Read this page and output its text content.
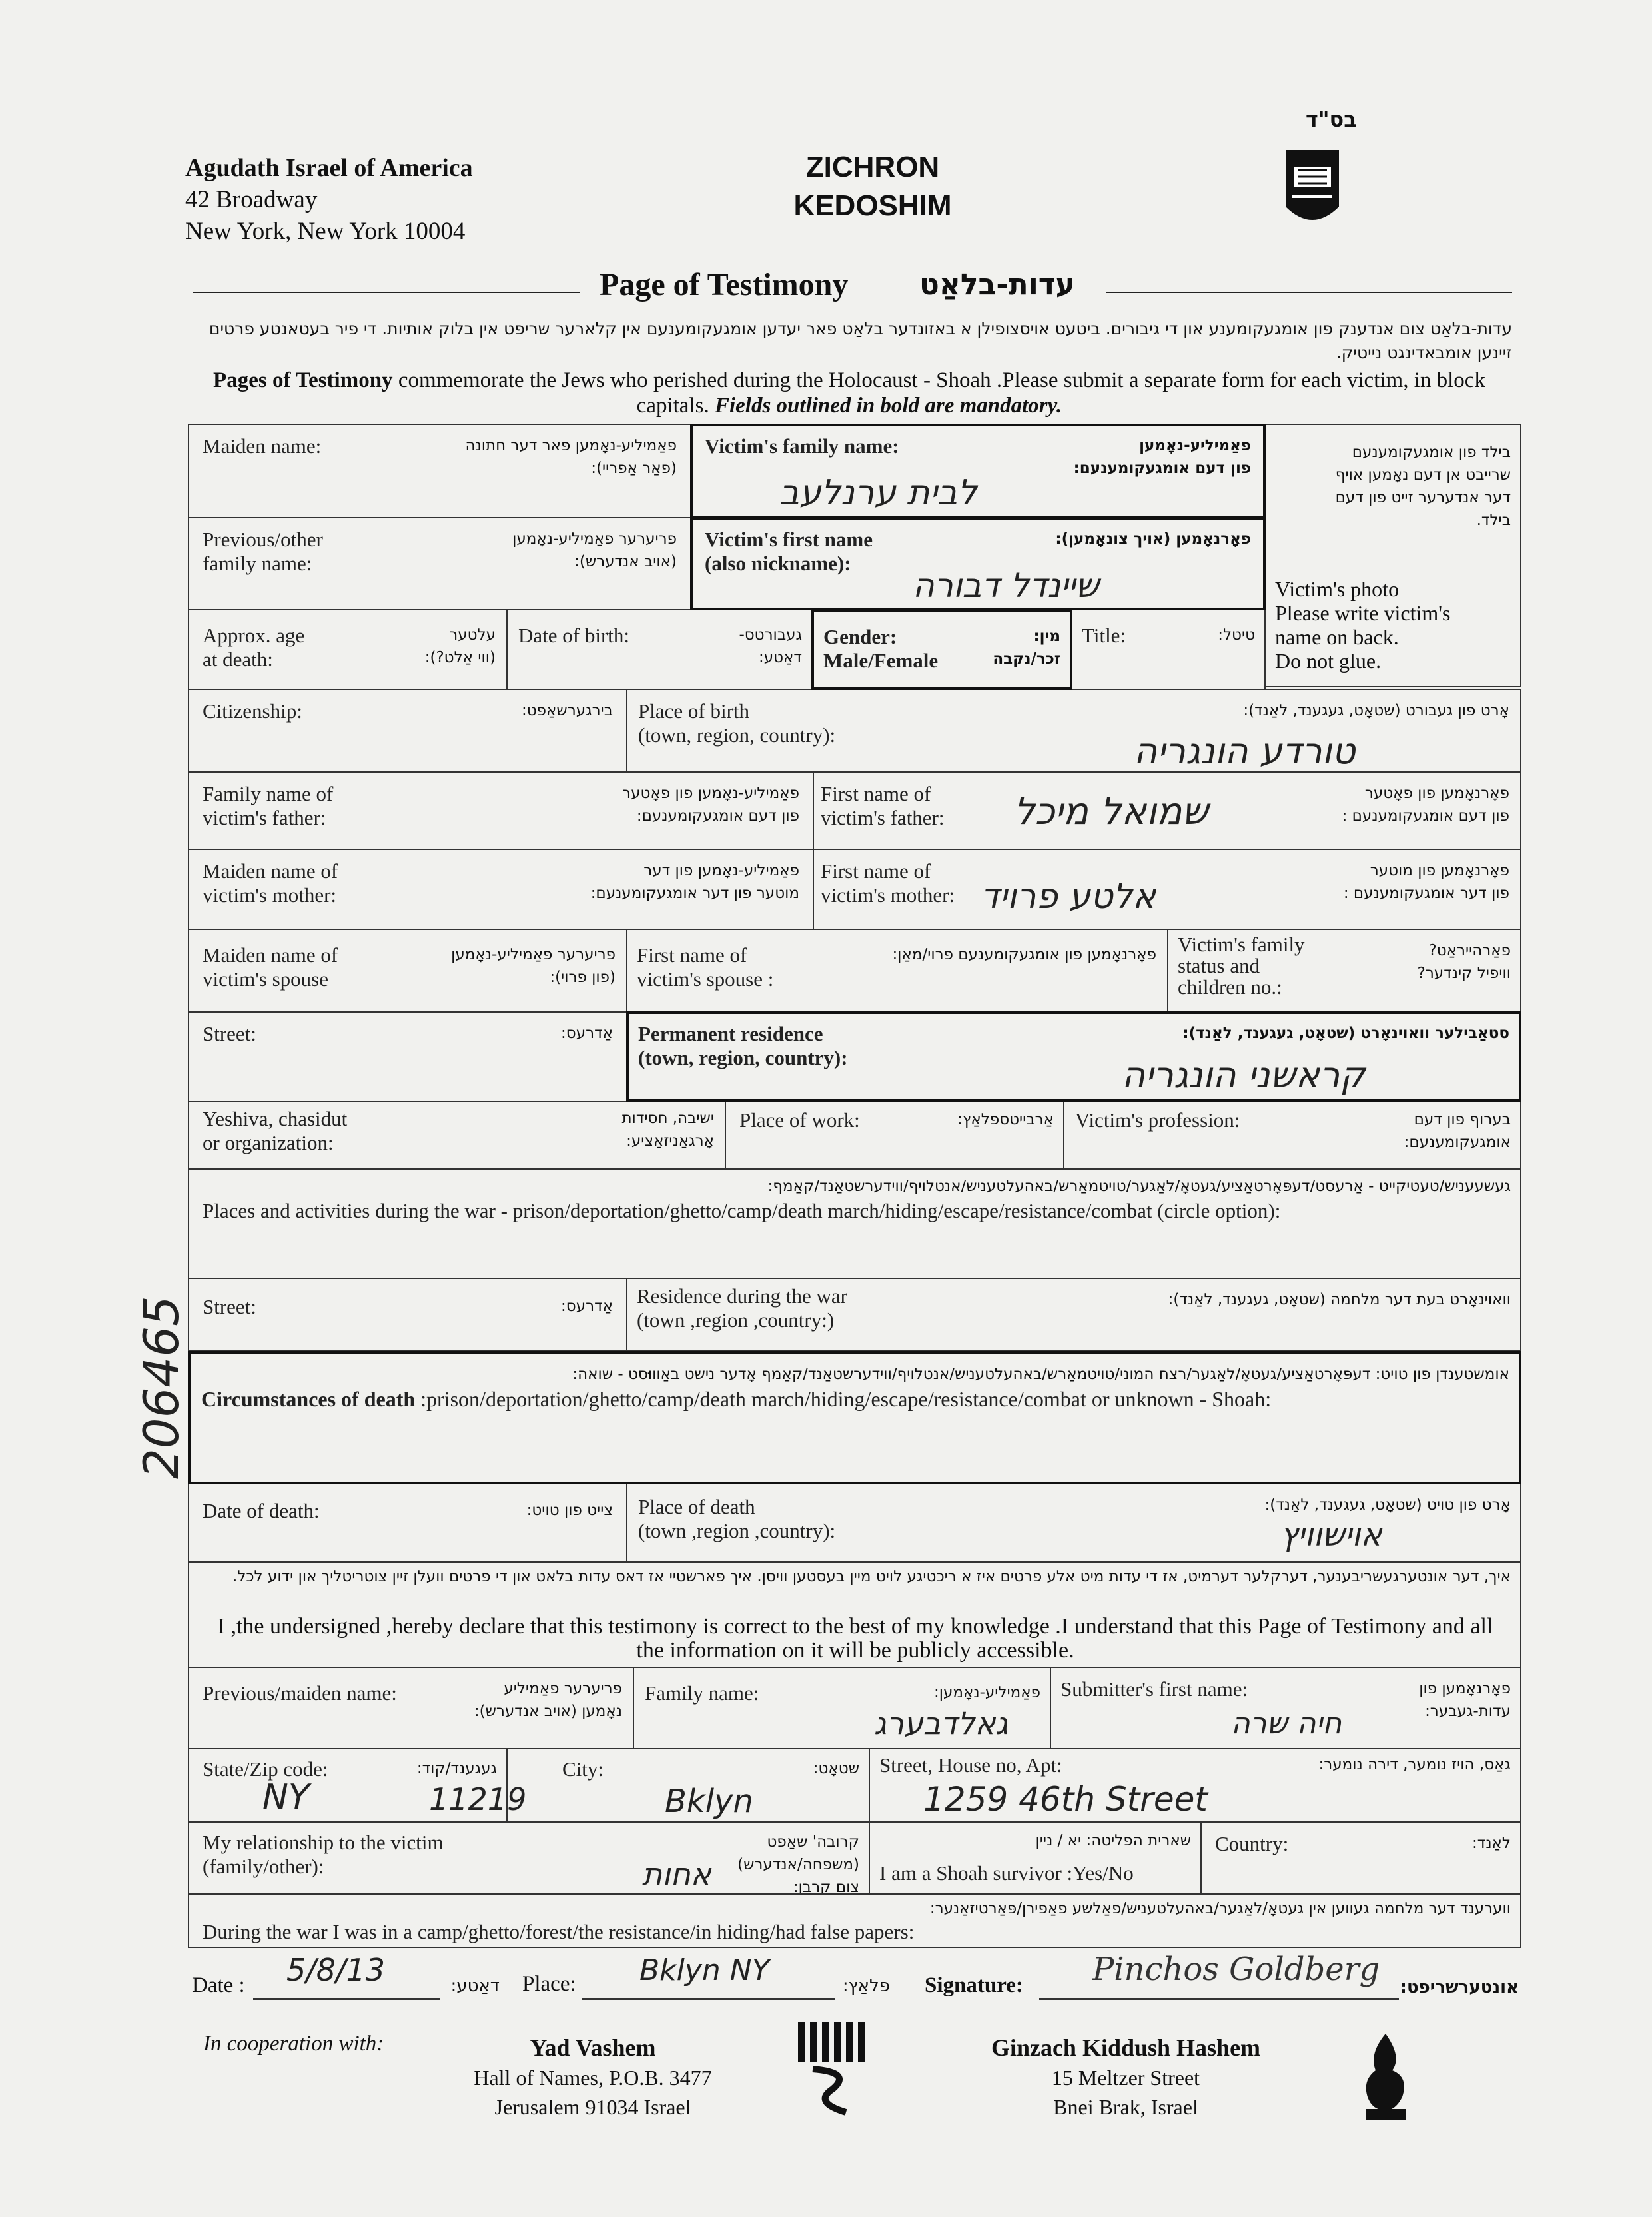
Agudath Israel of America
42 Broadway
New York, New York 10004
ZICHRON
KEDOSHIM
בס"ד
Page of Testimony עדות-בלאַט
עדות-בלאַט צום אנדענק פון אומגעקומענע און די גיבורים. ביטעט אויסצופילן א באזונדער בלאַט פאר יעדען אומגעקומענעם אין קלארער שריפט אין בלוק אותיות. די פיר בעטאנטע פרטים זיינען אומבאדינגט נייטיק.
Pages of Testimony commemorate the Jews who perished during the Holocaust - Shoah .Please submit a separate form for each victim, in block capitals. Fields outlined in bold are mandatory.
Maiden name:	פאַמיליע-נאָמען פאר דער חתונה
(פאַר אַפריי):
Victim's family name:	פאַמיליע-נאָמען
פון דעם אומגעקומענעם:
לבית ערנלעב
בילד פון אומגעקומענעם
שרייבט אן דעם נאָמען אויף
דער אנדערער זייט פון דעם
בילד.
Victim's photo
Please write victim's
name on back.
Do not glue.
Previous/other
family name:
פריערער פאַמיליע-נאָמען
(אויב אנדערש):
Victim's first name
(also nickname):
פאָרנאָמען (אויך צונאָמען):
שיינדל דבורה
Approx. age
at death:
עלטער
(ווי אַלט?):
Date of birth:	געבורטס-
דאַטע:
Gender:
Male/Female
מין:
זכר/נקבה
Title:	טיטל:
Citizenship:	בירגערשאַפט: Place of birth
(town, region, country):
אָרט פון געבורט (שטאָט, געגענד, לאַנד):
טורדע הונגריה
Family name of
victim's father:
פאַמיליע-נאָמען פון פאָטער
פון דעם אומגעקומענעם:
First name of
victim's father:
פאָרנאָמען פון פאָטער
פון דעם אומגעקומענעם :
שמואל מיכל
Maiden name of
victim's mother:
פאַמיליע-נאָמען פון דער
מוטער פון דער אומגעקומענעם:
First name of
victim's mother:
פאָרנאָמען פון מוטער
פון דער אומגעקומענעם :
אלטע פרויד
Maiden name of
victim's spouse
פריערער פאַמיליע-נאָמען
(פון פרוי):
First name of
victim's spouse :
פאָרנאָמען פון אומגעקומענעם פרוי/מאַן: Victim's family
status and
children no.:
פאַרהייראַט?
וויפיל קינדער?
Street:	אַדרעס: Permanent residence
(town, region, country):
סטאַבילער וואוינאָרט (שטאָט, געגענד, לאַנד):
קראשני הונגריה
Yeshiva, chasidut
or organization:
ישיבה, חסידות
אָרגאַניזאַציע:
Place of work:	אַרבייטספלאַץ: Victim's profession:	בערוף פון דעם
אומגעקומענעם:
געשעעניש/טעטיקייט - אַרעסט/דעפּאָרטאַציע/געטאָ/לאַגער/טויטמאַרש/באהעלטעניש/אנטלויף/ווידערשטאַנד/קאַמף:
Places and activities during the war - prison/deportation/ghetto/camp/death march/hiding/escape/resistance/combat (circle option):
Street:	אַדרעס: Residence during the war
(town ,region ,country:)
וואוינאָרט בעת דער מלחמה (שטאָט, געגענד, לאַנד):
אומשטענדן פון טויט: דעפּאָרטאַציע/געטאָ/לאַגער/רצח המוני/טויטמאַרש/באהעלטעניש/אנטלויף/ווידערשטאַנד/קאַמף אָדער נישט באַוווּסט - שואה:
Circumstances of death :prison/deportation/ghetto/camp/death march/hiding/escape/resistance/combat or unknown - Shoah:
Date of death:	צייט פון טויט: Place of death
(town ,region ,country):
אָרט פון טויט (שטאָט, געגענד, לאַנד):
אוישוויץ
איך, דער אונטערגעשריבענער, דערקלער דערמיט, אז די עדות מיט אלע פרטים איז א ריכטיגע לויט מיין בעסטען וויסן. איך פארשטיי אז דאס עדות בלאט און די פרטים וועלן זיין צוטריטליך און ידוע לכל.
I ,the undersigned ,hereby declare that this testimony is correct to the best of my knowledge .I understand that this Page of Testimony and all the information on it will be publicly accessible.
Previous/maiden name:	פריערער פאַמיליע
נאָמען (אויב אנדערש):
Family name:	פאַמיליע-נאָמען:
גאלדבערג
Submitter's first name:	פאָרנאָמען פון
עדות-געבער:
חיה שרה
State/Zip code:	געגענד/קוד:
NY	11219
City:	שטאָט:
Bklyn
Street, House no, Apt:	גאַס, הויז נומער, דירה נומער:
1259 46th Street
My relationship to the victim
(family/other):
קרובה' שאַפט (משפחה/אנדערש)
צום קרבן:
אחות
שארית הפליטה: יא / ניין
I am a Shoah survivor :Yes/No
Country:	לאַנד:
ווערענד דער מלחמה געווען אין געטאָ/לאַגער/באהעלטעניש/פאַלשע פאַפירן/פּאַרטיזאַנער:
During the war I was in a camp/ghetto/forest/the resistance/in hiding/had false papers:
Date : 5/8/13	דאַטע: Place: Bklyn NY	פלאַץ: Signature: Pinchos Goldberg אונטערשריפט:
206465
In cooperation with:	Yad Vashem
Hall of Names, P.O.B. 3477
Jerusalem 91034 Israel
Ginzach Kiddush Hashem
15 Meltzer Street
Bnei Brak, Israel
